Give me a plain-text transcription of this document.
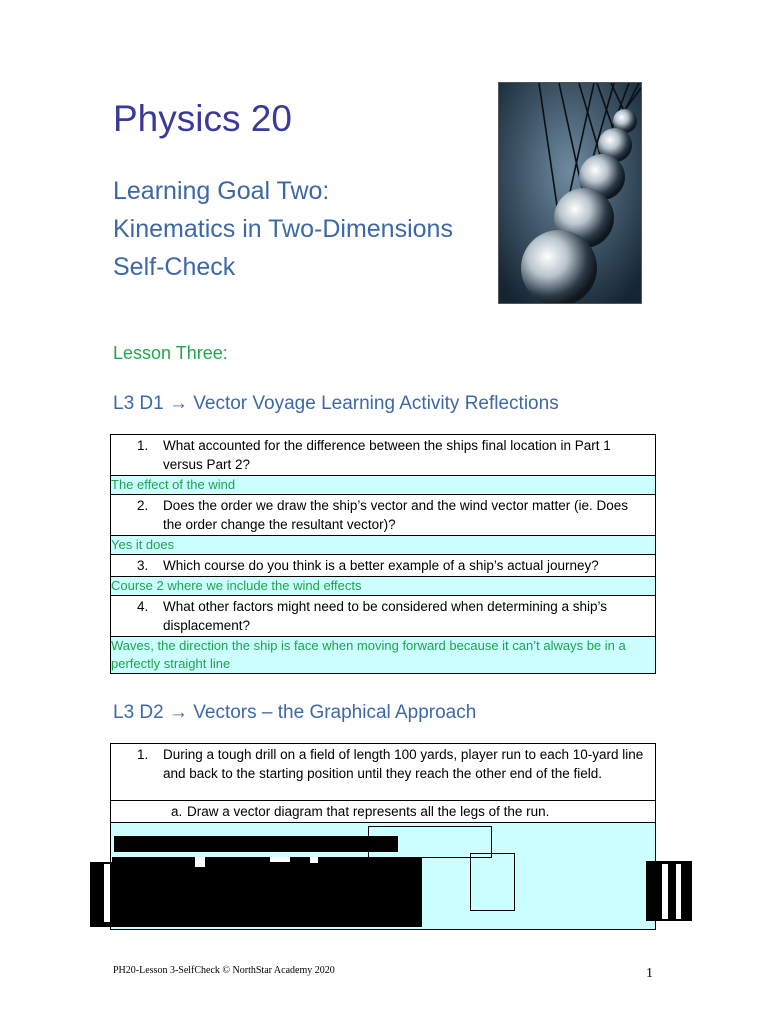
Physics 20
Learning Goal Two:
Kinematics in Two-Dimensions
Self-Check
Lesson Three:
L3 D1 → Vector Voyage Learning Activity Reflections
1.	What accounted for the difference between the ships final location in Part 1 versus Part 2?

The effect of the wind

2.	Does the order we draw the ship’s vector and the wind vector matter (ie. Does the order change the resultant vector)?

Yes it does

3.	Which course do you think is a better example of a ship’s actual journey?

Course 2 where we include the wind effects

4.	What other factors might need to be considered when determining a ship’s displacement?

Waves, the direction the ship is face when moving forward because it can’t always be in a perfectly straight line
L3 D2 → Vectors – the Graphical Approach
1.	During a tough drill on a field of length 100 yards, player run to each 10-yard line and back to the starting position until they reach the other end of the field.

a. Draw a vector diagram that represents all the legs of the run.

PH20-Lesson 3-SelfCheck © NorthStar Academy 2020	1
